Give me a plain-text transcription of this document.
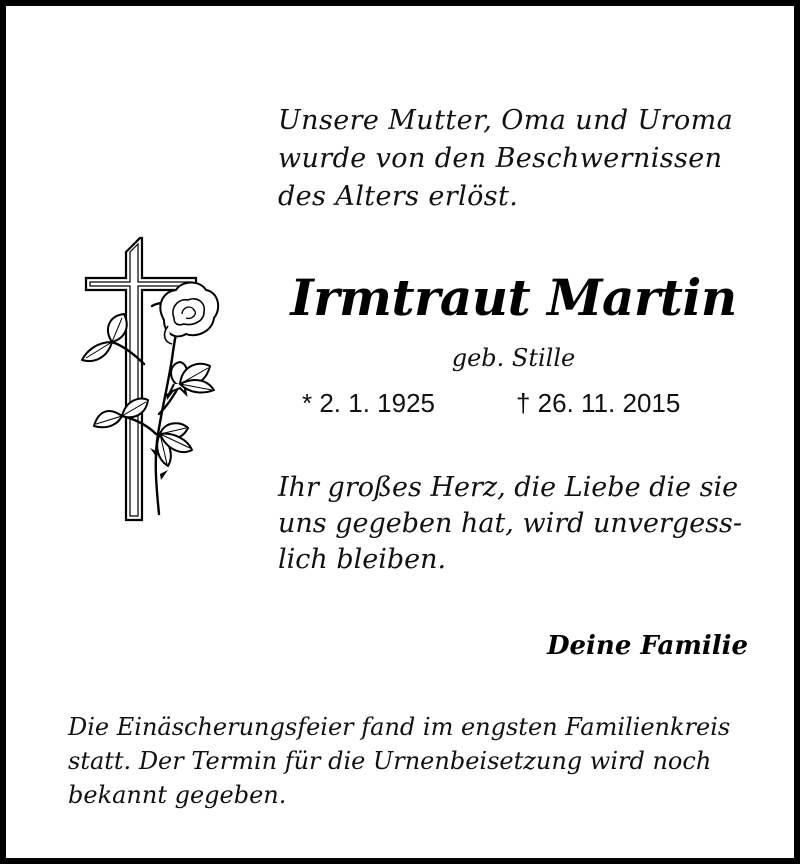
Unsere Mutter, Oma und Uroma
wurde von den Beschwernissen
des Alters erlöst.
Irmtraut Martin
geb. Stille
* 2. 1. 1925	† 26. 11. 2015
Ihr großes Herz, die Liebe die sie
uns gegeben hat, wird unvergess-
lich bleiben.
Deine Familie
Die Einäscherungsfeier fand im engsten Familienkreis
statt. Der Termin für die Urnenbeisetzung wird noch
bekannt gegeben.
